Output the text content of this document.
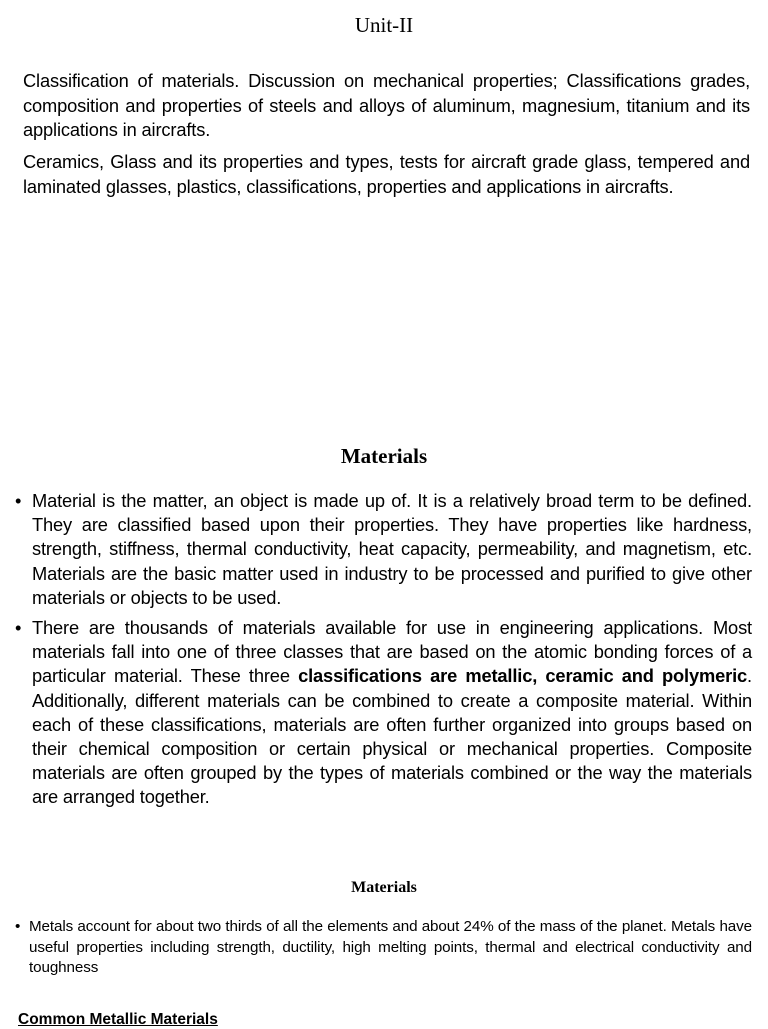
Unit-II
Classification of materials. Discussion on mechanical properties; Classifications grades, composition and properties of steels and alloys of aluminum, magnesium, titanium and its applications in aircrafts.
Ceramics, Glass and its properties and types, tests for aircraft grade glass, tempered and laminated glasses, plastics, classifications, properties and applications in aircrafts.
Materials
• Material is the matter, an object is made up of. It is a relatively broad term to be defined. They are classified based upon their properties. They have properties like hardness, strength, stiffness, thermal conductivity, heat capacity, permeability, and magnetism, etc. Materials are the basic matter used in industry to be processed and purified to give other materials or objects to be used.
• There are thousands of materials available for use in engineering applications. Most materials fall into one of three classes that are based on the atomic bonding forces of a particular material. These three classifications are metallic, ceramic and polymeric. Additionally, different materials can be combined to create a composite material. Within each of these classifications, materials are often further organized into groups based on their chemical composition or certain physical or mechanical properties. Composite materials are often grouped by the types of materials combined or the way the materials are arranged together.
Materials
• Metals account for about two thirds of all the elements and about 24% of the mass of the planet. Metals have useful properties including strength, ductility, high melting points, thermal and electrical conductivity and toughness
Common Metallic Materials
